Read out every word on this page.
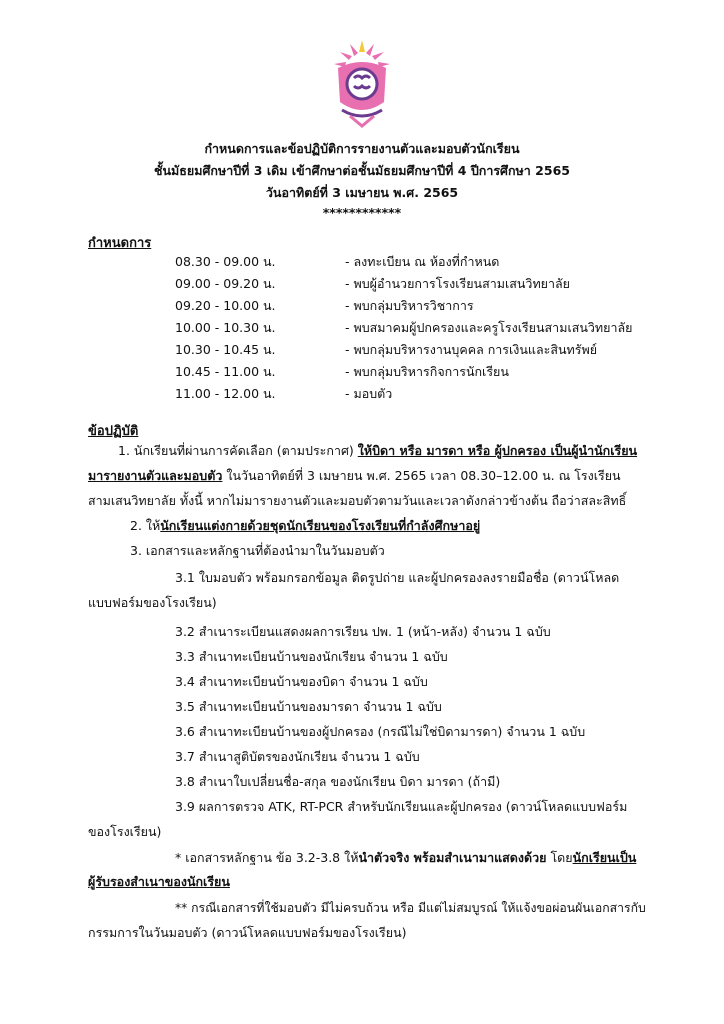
กำหนดการและข้อปฏิบัติการรายงานตัวและมอบตัวนักเรียน
ชั้นมัธยมศึกษาปีที่ 3 เดิม เข้าศึกษาต่อชั้นมัธยมศึกษาปีที่ 4 ปีการศึกษา 2565
วันอาทิตย์ที่ 3 เมษายน พ.ศ. 2565
************
กำหนดการ
08.30 - 09.00 น.	- ลงทะเบียน ณ ห้องที่กำหนด
09.00 - 09.20 น.	- พบผู้อำนวยการโรงเรียนสามเสนวิทยาลัย
09.20 - 10.00 น.	- พบกลุ่มบริหารวิชาการ
10.00 - 10.30 น.	- พบสมาคมผู้ปกครองและครูโรงเรียนสามเสนวิทยาลัย
10.30 - 10.45 น.	- พบกลุ่มบริหารงานบุคคล การเงินและสินทรัพย์
10.45 - 11.00 น.	- พบกลุ่มบริหารกิจการนักเรียน
11.00 - 12.00 น.	- มอบตัว
ข้อปฏิบัติ
1. นักเรียนที่ผ่านการคัดเลือก (ตามประกาศ) ให้บิดา หรือ มารดา หรือ ผู้ปกครอง เป็นผู้นำนักเรียน
มารายงานตัวและมอบตัว ในวันอาทิตย์ที่ 3 เมษายน พ.ศ. 2565 เวลา 08.30–12.00 น. ณ โรงเรียน
สามเสนวิทยาลัย ทั้งนี้ หากไม่มารายงานตัวและมอบตัวตามวันและเวลาดังกล่าวข้างต้น ถือว่าสละสิทธิ์
2. ให้นักเรียนแต่งกายด้วยชุดนักเรียนของโรงเรียนที่กำลังศึกษาอยู่
3. เอกสารและหลักฐานที่ต้องนำมาในวันมอบตัว
3.1 ใบมอบตัว พร้อมกรอกข้อมูล ติดรูปถ่าย และผู้ปกครองลงรายมือชื่อ (ดาวน์โหลด
แบบฟอร์มของโรงเรียน)
3.2 สำเนาระเบียนแสดงผลการเรียน ปพ. 1 (หน้า-หลัง) จำนวน 1 ฉบับ
3.3 สำเนาทะเบียนบ้านของนักเรียน จำนวน 1 ฉบับ
3.4 สำเนาทะเบียนบ้านของบิดา จำนวน 1 ฉบับ
3.5 สำเนาทะเบียนบ้านของมารดา จำนวน 1 ฉบับ
3.6 สำเนาทะเบียนบ้านของผู้ปกครอง (กรณีไม่ใช่บิดามารดา) จำนวน 1 ฉบับ
3.7 สำเนาสูติบัตรของนักเรียน จำนวน 1 ฉบับ
3.8 สำเนาใบเปลี่ยนชื่อ-สกุล ของนักเรียน บิดา มารดา (ถ้ามี)
3.9 ผลการตรวจ ATK, RT-PCR สำหรับนักเรียนและผู้ปกครอง (ดาวน์โหลดแบบฟอร์ม
ของโรงเรียน)
* เอกสารหลักฐาน ข้อ 3.2-3.8 ให้นำตัวจริง พร้อมสำเนามาแสดงด้วย โดยนักเรียนเป็น
ผู้รับรองสำเนาของนักเรียน
** กรณีเอกสารที่ใช้มอบตัว มีไม่ครบถ้วน หรือ มีแต่ไม่สมบูรณ์ ให้แจ้งขอผ่อนผันเอกสารกับ
กรรมการในวันมอบตัว (ดาวน์โหลดแบบฟอร์มของโรงเรียน)
